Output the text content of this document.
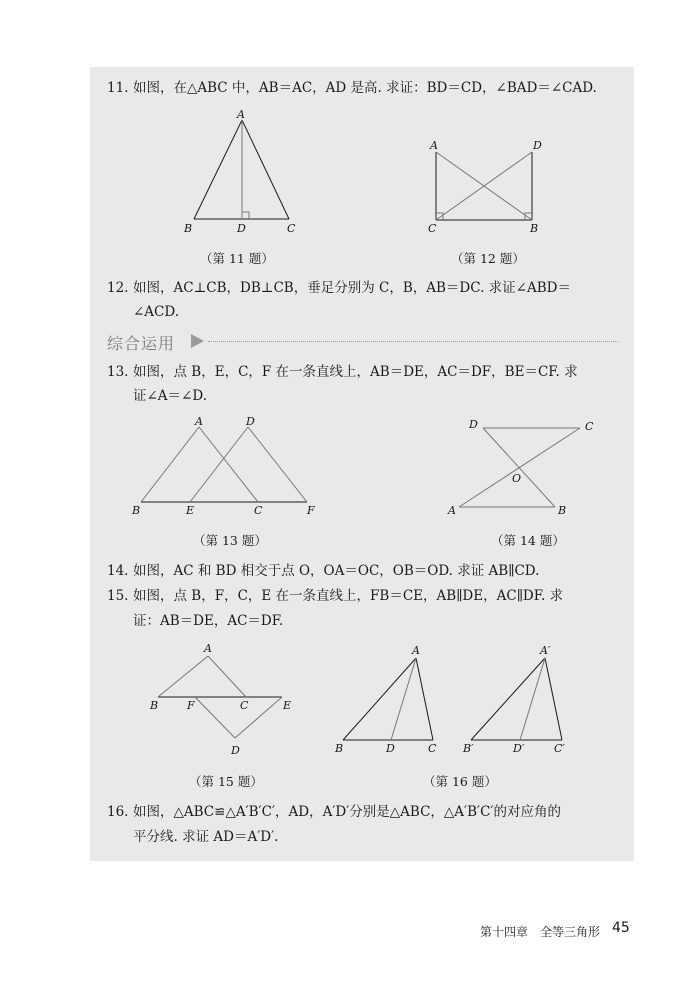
11. 如图，在△ABC 中，AB＝AC，AD 是高. 求证：BD＝CD，∠BAD＝∠CAD.
A
B	D	C
（第 11 题）
A	D
C	B
（第 12 题）
12. 如图，AC⊥CB，DB⊥CB，垂足分别为 C，B，AB＝DC. 求证∠ABD＝
∠ACD.
综合运用
13. 如图，点 B，E，C，F 在一条直线上，AB＝DE，AC＝DF，BE＝CF. 求
证∠A＝∠D.
A	D
B	E	C	F
（第 13 题）
D	C
O
A	B
（第 14 题）
14. 如图，AC 和 BD 相交于点 O，OA＝OC，OB＝OD. 求证 AB∥CD.
15. 如图，点 B，F，C，E 在一条直线上，FB＝CE，AB∥DE，AC∥DF. 求
证：AB＝DE，AC＝DF.
A
B	F	C	E
D
（第 15 题）
A
B	D	C
A′
B′	D′	C′
（第 16 题）
16. 如图，△ABC≌△A′B′C′，AD，A′D′分别是△ABC，△A′B′C′的对应角的
平分线. 求证 AD＝A′D′.
第十四章　全等三角形 45
